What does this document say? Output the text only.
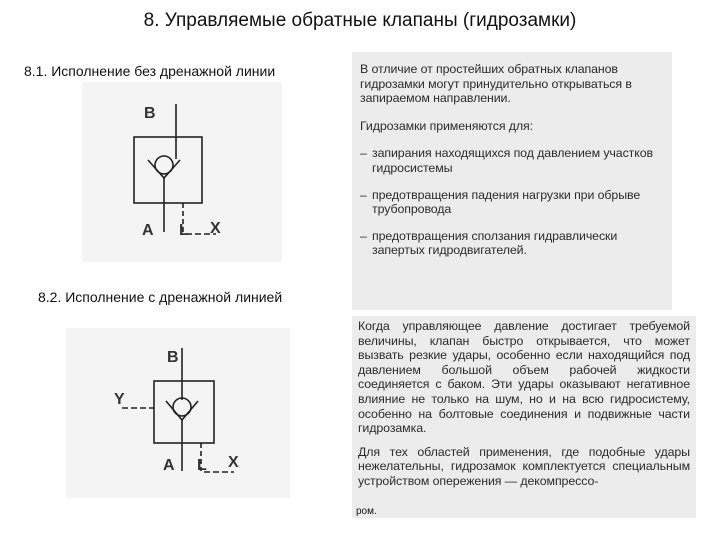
8. Управляемые обратные клапаны (гидрозамки)
8.1. Исполнение без дренажной линии
B
A L X
8.2. Исполнение с дренажной линией
B
Y
A L X
В отличие от простейших обратных клапанов гидрозамки могут принудительно открываться в запираемом направлении.
Гидрозамки применяются для:
– запирания находящихся под давлением участков гидросистемы
– предотвращения падения нагрузки при обрыве трубопровода
– предотвращения сползания гидравлически запертых гидродвигателей.
Когда управляющее давление достигает требуемой величины, клапан быстро открывается, что может вызвать резкие удары, особенно если находящийся под давлением большой объем рабочей жидкости соединяется с баком. Эти удары оказывают негативное влияние не только на шум, но и на всю гидросистему, особенно на болтовые соединения и подвижные части гидрозамка.
Для тех областей применения, где подобные удары нежелательны, гидрозамок комплектуется специальным устройством опережения — декомпрессо-
ром.
